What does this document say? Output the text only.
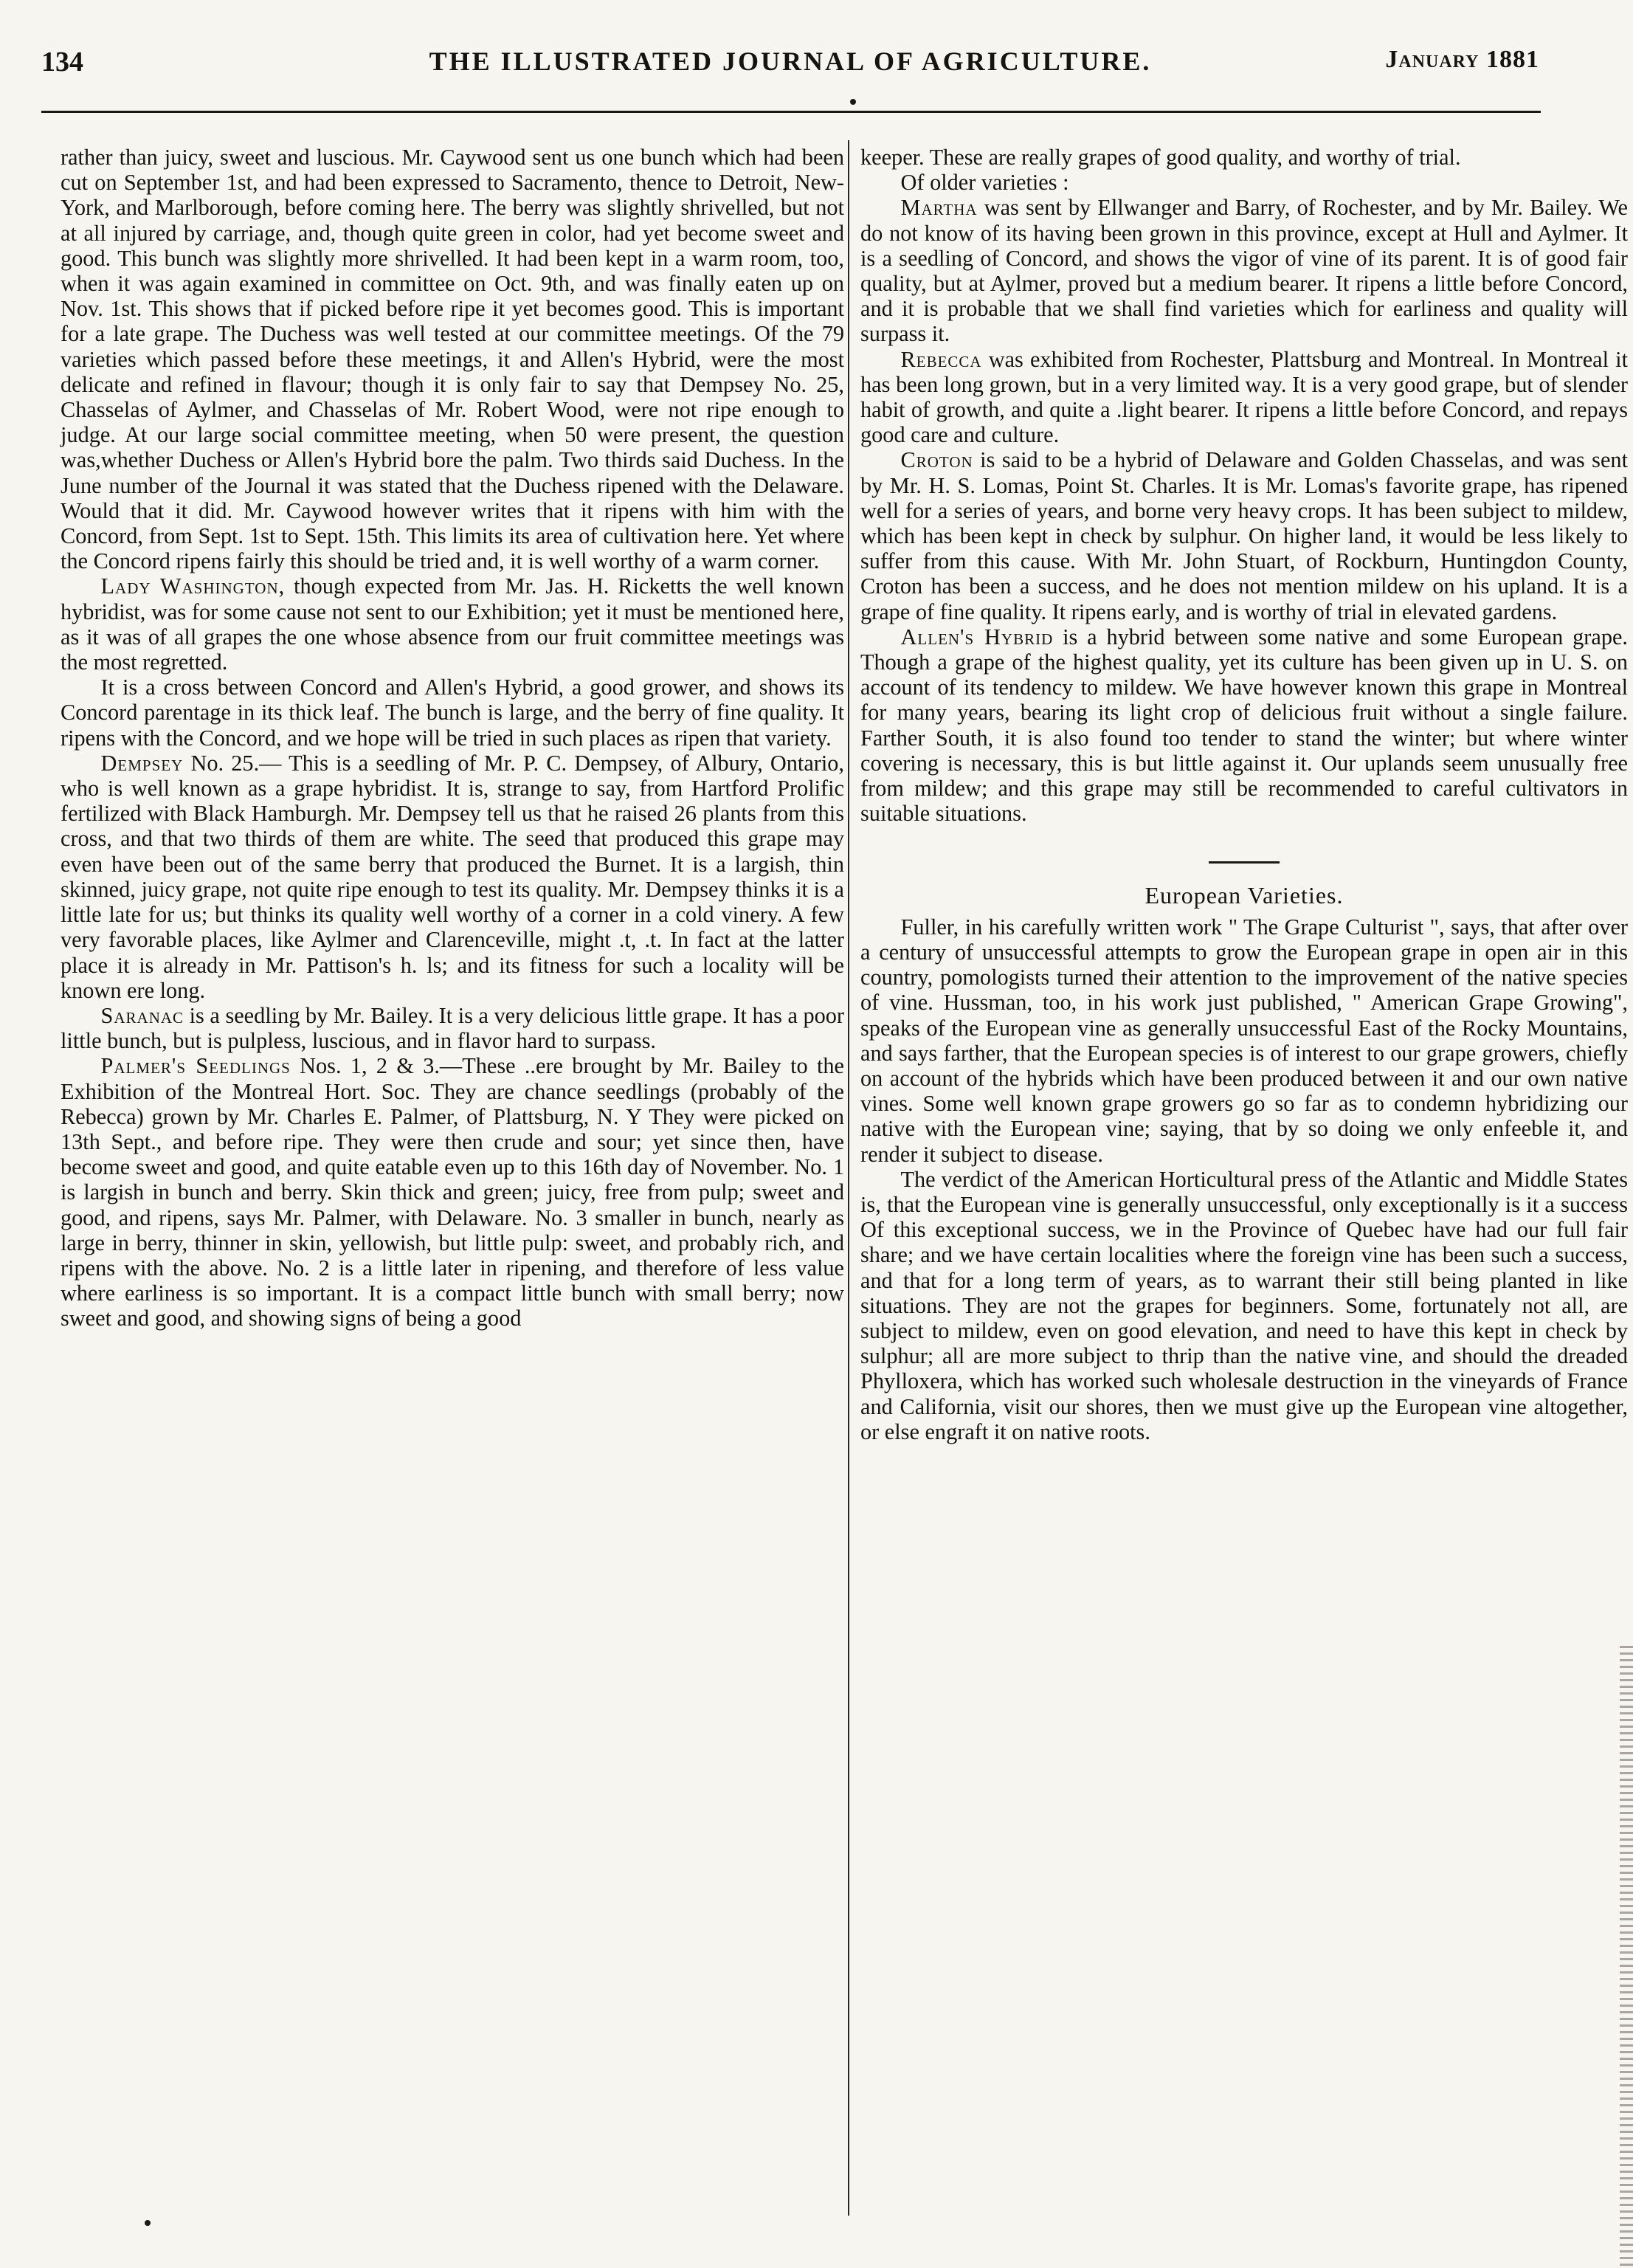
134	THE ILLUSTRATED JOURNAL OF AGRICULTURE.	January 1881

rather than juicy, sweet and luscious. Mr. Caywood sent us one bunch which had been cut on September 1st, and had been expressed to Sacramento, thence to Detroit, New-York, and Marlborough, before coming here. The berry was slightly shrivelled, but not at all injured by carriage, and, though quite green in color, had yet become sweet and good. This bunch was slightly more shrivelled. It had been kept in a warm room, too, when it was again examined in committee on Oct. 9th, and was finally eaten up on Nov. 1st. This shows that if picked before ripe it yet becomes good. This is important for a late grape. The Duchess was well tested at our committee meetings. Of the 79 varieties which passed before these meetings, it and Allen's Hybrid, were the most delicate and refined in flavour; though it is only fair to say that Dempsey No. 25, Chasselas of Aylmer, and Chasselas of Mr. Robert Wood, were not ripe enough to judge. At our large social committee meeting, when 50 were present, the question was,whether Duchess or Allen's Hybrid bore the palm. Two thirds said Duchess. In the June number of the Journal it was stated that the Duchess ripened with the Delaware. Would that it did. Mr. Caywood however writes that it ripens with him with the Concord, from Sept. 1st to Sept. 15th. This limits its area of cultivation here. Yet where the Concord ripens fairly this should be tried and, it is well worthy of a warm corner.

Lady Washington, though expected from Mr. Jas. H. Ricketts the well known hybridist, was for some cause not sent to our Exhibition; yet it must be mentioned here, as it was of all grapes the one whose absence from our fruit committee meetings was the most regretted.

It is a cross between Concord and Allen's Hybrid, a good grower, and shows its Concord parentage in its thick leaf. The bunch is large, and the berry of fine quality. It ripens with the Concord, and we hope will be tried in such places as ripen that variety.

Dempsey No. 25.— This is a seedling of Mr. P. C. Dempsey, of Albury, Ontario, who is well known as a grape hybridist. It is, strange to say, from Hartford Prolific fertilized with Black Hamburgh. Mr. Dempsey tell us that he raised 26 plants from this cross, and that two thirds of them are white. The seed that produced this grape may even have been out of the same berry that produced the Burnet. It is a largish, thin skinned, juicy grape, not quite ripe enough to test its quality. Mr. Dempsey thinks it is a little late for us; but thinks its quality well worthy of a corner in a cold vinery. A few very favorable places, like Aylmer and Clarenceville, might .t, .t. In fact at the latter place it is already in Mr. Pattison's h. ls; and its fitness for such a locality will be known ere long.

Saranac is a seedling by Mr. Bailey. It is a very delicious little grape. It has a poor little bunch, but is pulpless, luscious, and in flavor hard to surpass.

Palmer's Seedlings Nos. 1, 2 & 3.—These ..ere brought by Mr. Bailey to the Exhibition of the Montreal Hort. Soc. They are chance seedlings (probably of the Rebecca) grown by Mr. Charles E. Palmer, of Plattsburg, N. Y They were picked on 13th Sept., and before ripe. They were then crude and sour; yet since then, have become sweet and good, and quite eatable even up to this 16th day of November. No. 1 is largish in bunch and berry. Skin thick and green; juicy, free from pulp; sweet and good, and ripens, says Mr. Palmer, with Delaware. No. 3 smaller in bunch, nearly as large in berry, thinner in skin, yellowish, but little pulp: sweet, and probably rich, and ripens with the above. No. 2 is a little later in ripening, and therefore of less value where earliness is so important. It is a compact little bunch with small berry; now sweet and good, and showing signs of being a good

keeper. These are really grapes of good quality, and worthy of trial.

Of older varieties :

Martha was sent by Ellwanger and Barry, of Rochester, and by Mr. Bailey. We do not know of its having been grown in this province, except at Hull and Aylmer. It is a seedling of Concord, and shows the vigor of vine of its parent. It is of good fair quality, but at Aylmer, proved but a medium bearer. It ripens a little before Concord, and it is probable that we shall find varieties which for earliness and quality will surpass it.

Rebecca was exhibited from Rochester, Plattsburg and Montreal. In Montreal it has been long grown, but in a very limited way. It is a very good grape, but of slender habit of growth, and quite a .light bearer. It ripens a little before Concord, and repays good care and culture.

Croton is said to be a hybrid of Delaware and Golden Chasselas, and was sent by Mr. H. S. Lomas, Point St. Charles. It is Mr. Lomas's favorite grape, has ripened well for a series of years, and borne very heavy crops. It has been subject to mildew, which has been kept in check by sulphur. On higher land, it would be less likely to suffer from this cause. With Mr. John Stuart, of Rockburn, Huntingdon County, Croton has been a success, and he does not mention mildew on his upland. It is a grape of fine quality. It ripens early, and is worthy of trial in elevated gardens.

Allen's Hybrid is a hybrid between some native and some European grape. Though a grape of the highest quality, yet its culture has been given up in U. S. on account of its tendency to mildew. We have however known this grape in Montreal for many years, bearing its light crop of delicious fruit without a single failure. Farther South, it is also found too tender to stand the winter; but where winter covering is necessary, this is but little against it. Our uplands seem unusually free from mildew; and this grape may still be recommended to careful cultivators in suitable situations.

European Varieties.

Fuller, in his carefully written work " The Grape Culturist ", says, that after over a century of unsuccessful attempts to grow the European grape in open air in this country, pomologists turned their attention to the improvement of the native species of vine. Hussman, too, in his work just published, " American Grape Growing", speaks of the European vine as generally unsuccessful East of the Rocky Mountains, and says farther, that the European species is of interest to our grape growers, chiefly on account of the hybrids which have been produced between it and our own native vines. Some well known grape growers go so far as to condemn hybridizing our native with the European vine; saying, that by so doing we only enfeeble it, and render it subject to disease.

The verdict of the American Horticultural press of the Atlantic and Middle States is, that the European vine is generally unsuccessful, only exceptionally is it a success Of this exceptional success, we in the Province of Quebec have had our full fair share; and we have certain localities where the foreign vine has been such a success, and that for a long term of years, as to warrant their still being planted in like situations. They are not the grapes for beginners. Some, fortunately not all, are subject to mildew, even on good elevation, and need to have this kept in check by sulphur; all are more subject to thrip than the native vine, and should the dreaded Phylloxera, which has worked such wholesale destruction in the vineyards of France and California, visit our shores, then we must give up the European vine altogether, or else engraft it on native roots.
